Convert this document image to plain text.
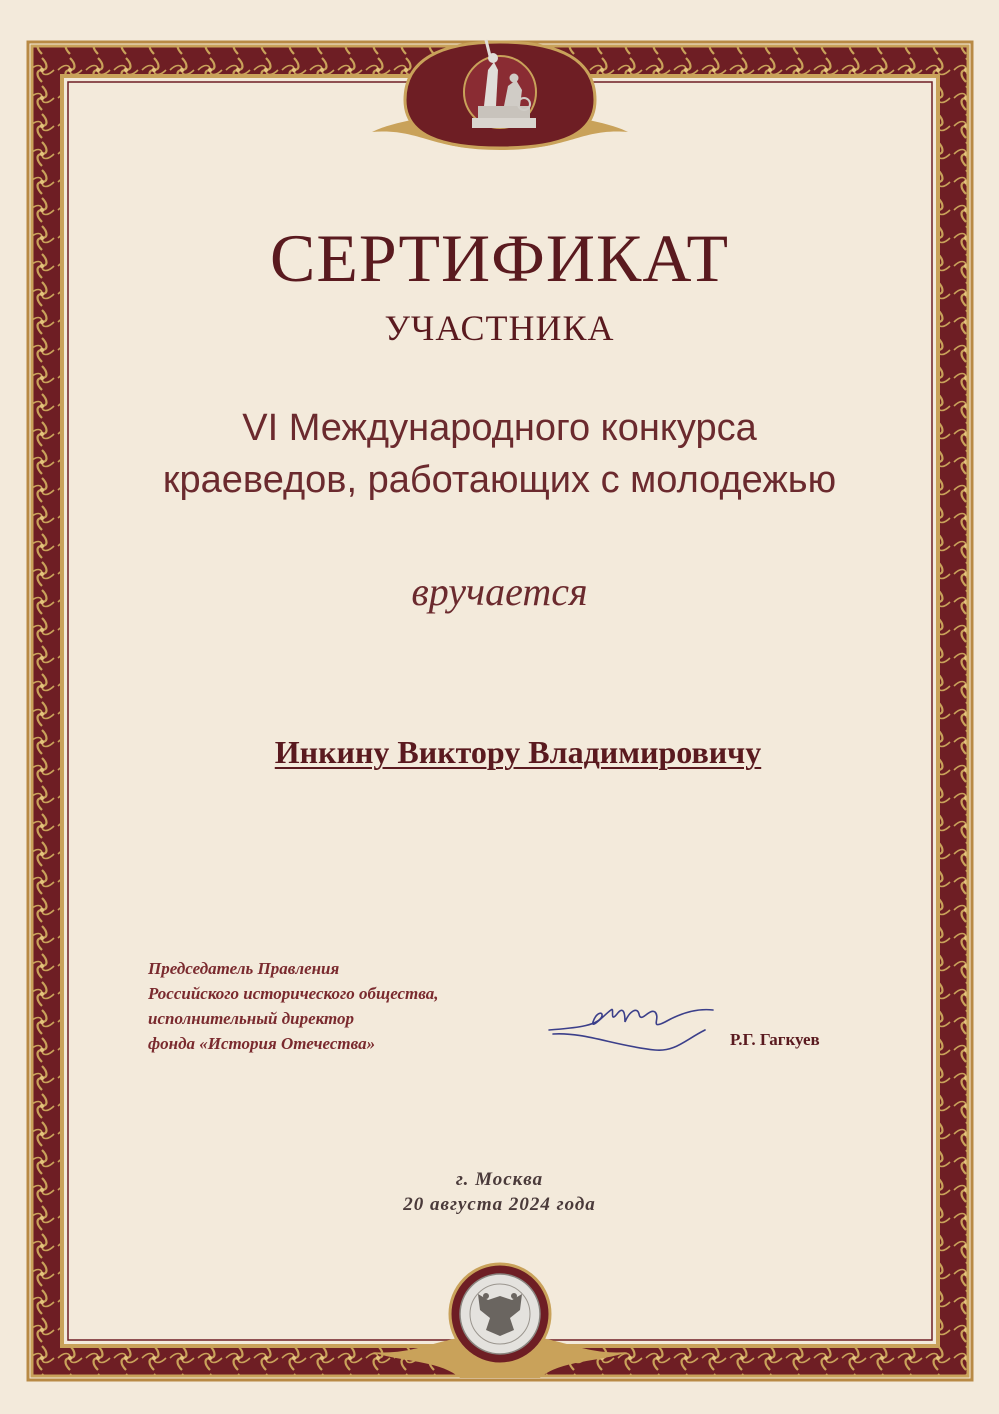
СЕРТИФИКАТ
УЧАСТНИКА
VI Международного конкурса
краеведов, работающих с молодежью
вручается
Инкину Виктору Владимировичу
Председатель Правления
Российского исторического общества,
исполнительный директор
фонда «История Отечества»	Р.Г. Гагкуев
г. Москва
20 августа 2024 года
